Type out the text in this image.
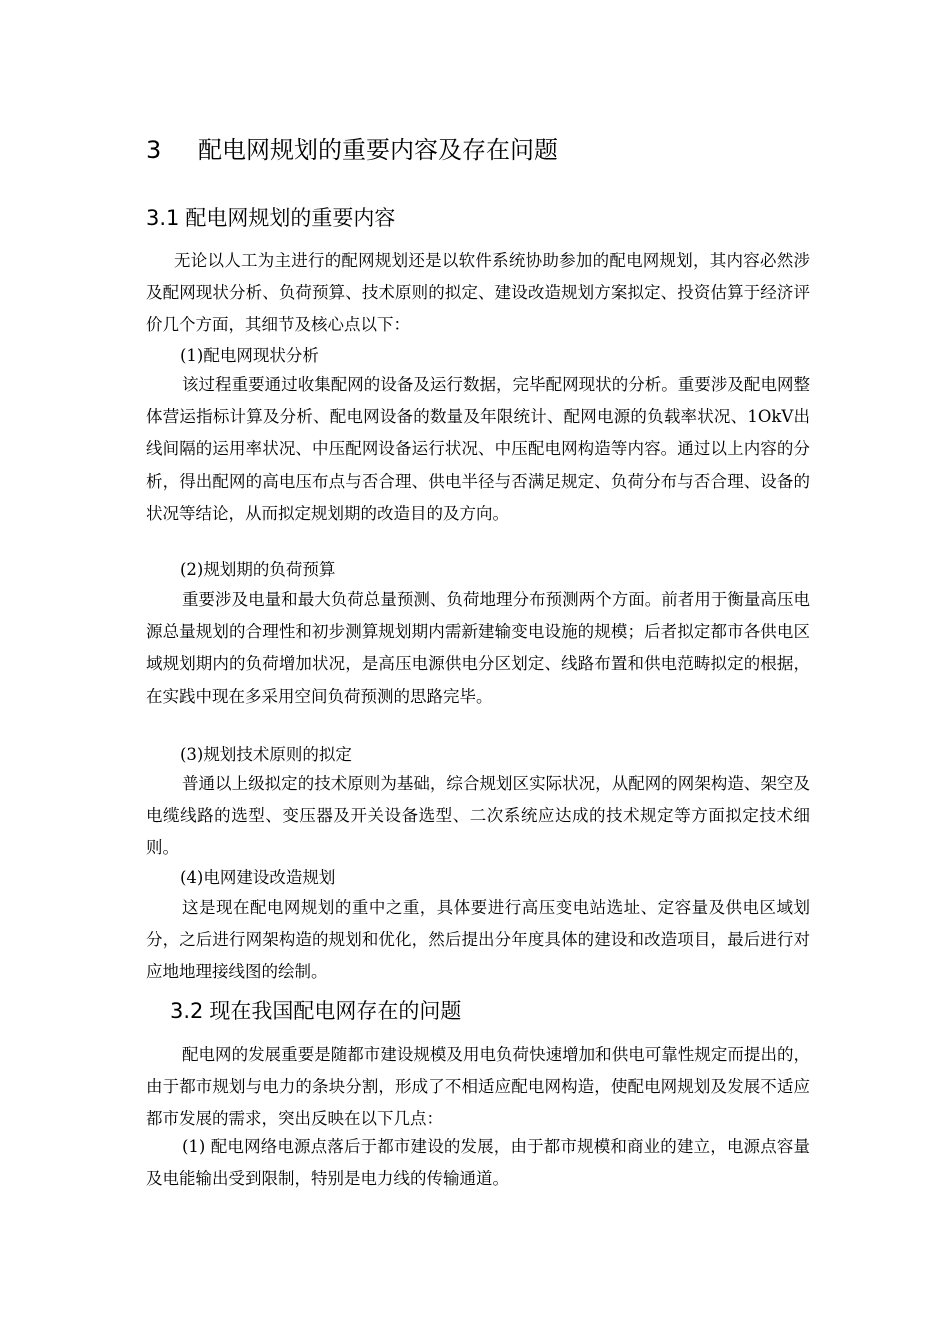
3 配电网规划的重要内容及存在问题
3.1 配电网规划的重要内容

无论以人工为主进行的配网规划还是以软件系统协助参加的配电网规划，其内容必然涉及配网现状分析、负荷预算、技术原则的拟定、建设改造规划方案拟定、投资估算于经济评价几个方面，其细节及核心点以下：

(1)配电网现状分析

该过程重要通过收集配网的设备及运行数据，完毕配网现状的分析。重要涉及配电网整体营运指标计算及分析、配电网设备的数量及年限统计、配网电源的负载率状况、1OkV出线间隔的运用率状况、中压配网设备运行状况、中压配电网构造等内容。通过以上内容的分析，得出配网的高电压布点与否合理、供电半径与否满足规定、负荷分布与否合理、设备的状况等结论，从而拟定规划期的改造目的及方向。

(2)规划期的负荷预算

重要涉及电量和最大负荷总量预测、负荷地理分布预测两个方面。前者用于衡量高压电源总量规划的合理性和初步测算规划期内需新建输变电设施的规模；后者拟定都市各供电区域规划期内的负荷增加状况，是高压电源供电分区划定、线路布置和供电范畴拟定的根据，在实践中现在多采用空间负荷预测的思路完毕。

(3)规划技术原则的拟定

普通以上级拟定的技术原则为基础，综合规划区实际状况，从配网的网架构造、架空及电缆线路的选型、变压器及开关设备选型、二次系统应达成的技术规定等方面拟定技术细则。

(4)电网建设改造规划

这是现在配电网规划的重中之重，具体要进行高压变电站选址、定容量及供电区域划分，之后进行网架构造的规划和优化，然后提出分年度具体的建设和改造项目，最后进行对应地地理接线图的绘制。

3.2 现在我国配电网存在的问题

配电网的发展重要是随都市建设规模及用电负荷快速增加和供电可靠性规定而提出的，由于都市规划与电力的条块分割，形成了不相适应配电网构造，使配电网规划及发展不适应都市发展的需求，突出反映在以下几点：

(1) 配电网络电源点落后于都市建设的发展，由于都市规模和商业的建立，电源点容量及电能输出受到限制，特别是电力线的传输通道。
